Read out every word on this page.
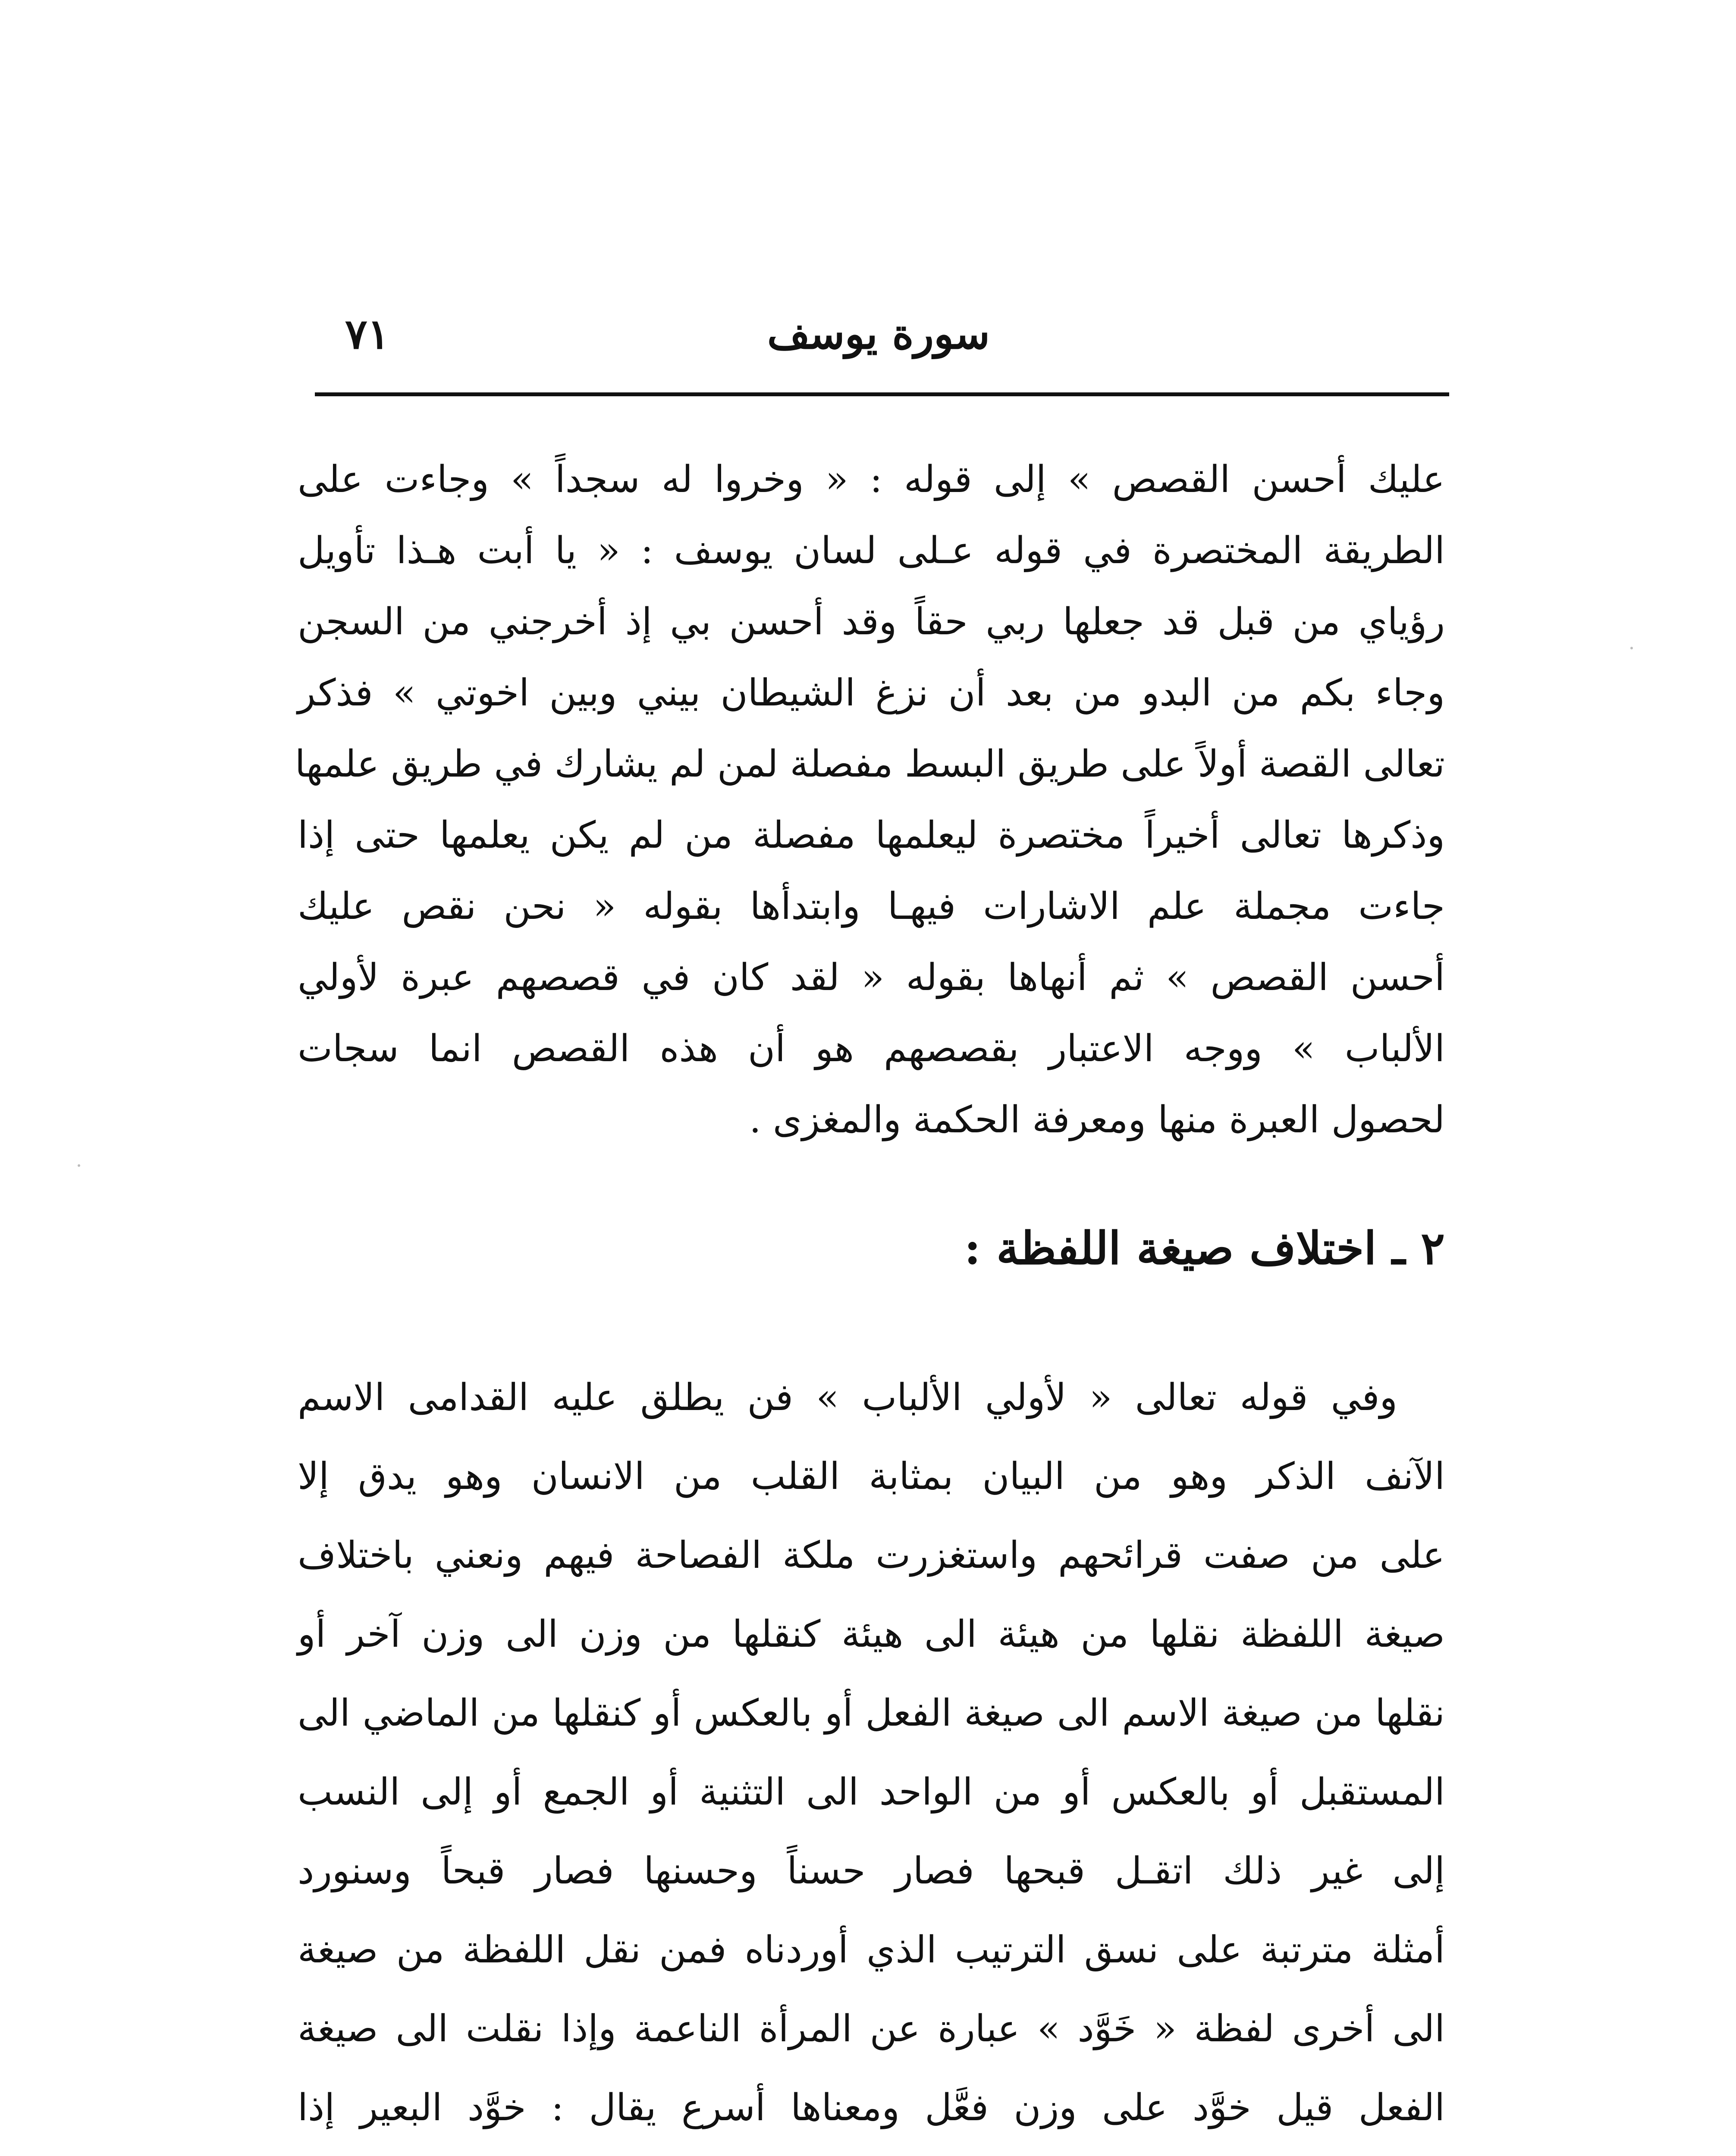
سورة يوسف
٧١
عليك أحسن القصص » إلى قوله : « وخروا له سجداً » وجاءت على
الطريقة المختصرة في قوله عـلى لسان يوسف : « يا أبت هـذا تأويل
رؤياي من قبل قد جعلها ربي حقاً وقد أحسن بي إذ أخرجني من السجن
وجاء بكم من البدو من بعد أن نزغ الشيطان بيني وبين اخوتي » فذكر
تعالى القصة أولاً على طريق البسط مفصلة لمن لم يشارك في طريق علمها
وذكرها تعالى أخيراً مختصرة ليعلمها مفصلة من لم يكن يعلمها حتى إذا
جاءت مجملة علم الاشارات فيهـا وابتدأها بقوله « نحن نقص عليك
أحسن القصص » ثم أنهاها بقوله « لقد كان في قصصهم عبرة لأولي
الألباب » ووجه الاعتبار بقصصهم هو أن هذه القصص انما سجات
لحصول العبرة منها ومعرفة الحكمة والمغزى .
٢ ـ اختلاف صيغة اللفظة :
وفي قوله تعالى « لأولي الألباب » فن يطلق عليه القدامى الاسم
الآنف الذكر وهو من البيان بمثابة القلب من الانسان وهو يدق إلا
على من صفت قرائحهم واستغزرت ملكة الفصاحة فيهم ونعني باختلاف
صيغة اللفظة نقلها من هيئة الى هيئة كنقلها من وزن الى وزن آخر أو
نقلها من صيغة الاسم الى صيغة الفعل أو بالعكس أو كنقلها من الماضي الى
المستقبل أو بالعكس أو من الواحد الى التثنية أو الجمع أو إلى النسب
إلى غير ذلك اتقـل قبحها فصار حسناً وحسنها فصار قبحاً وسنورد
أمثلة مترتبة على نسق الترتيب الذي أوردناه فمن نقل اللفظة من صيغة
الى أخرى لفظة « خَوَّد » عبارة عن المرأة الناعمة وإذا نقلت الى صيغة
الفعل قيل خوَّد على وزن فعَّل ومعناها أسرع يقال : خوَّد البعير إذا
